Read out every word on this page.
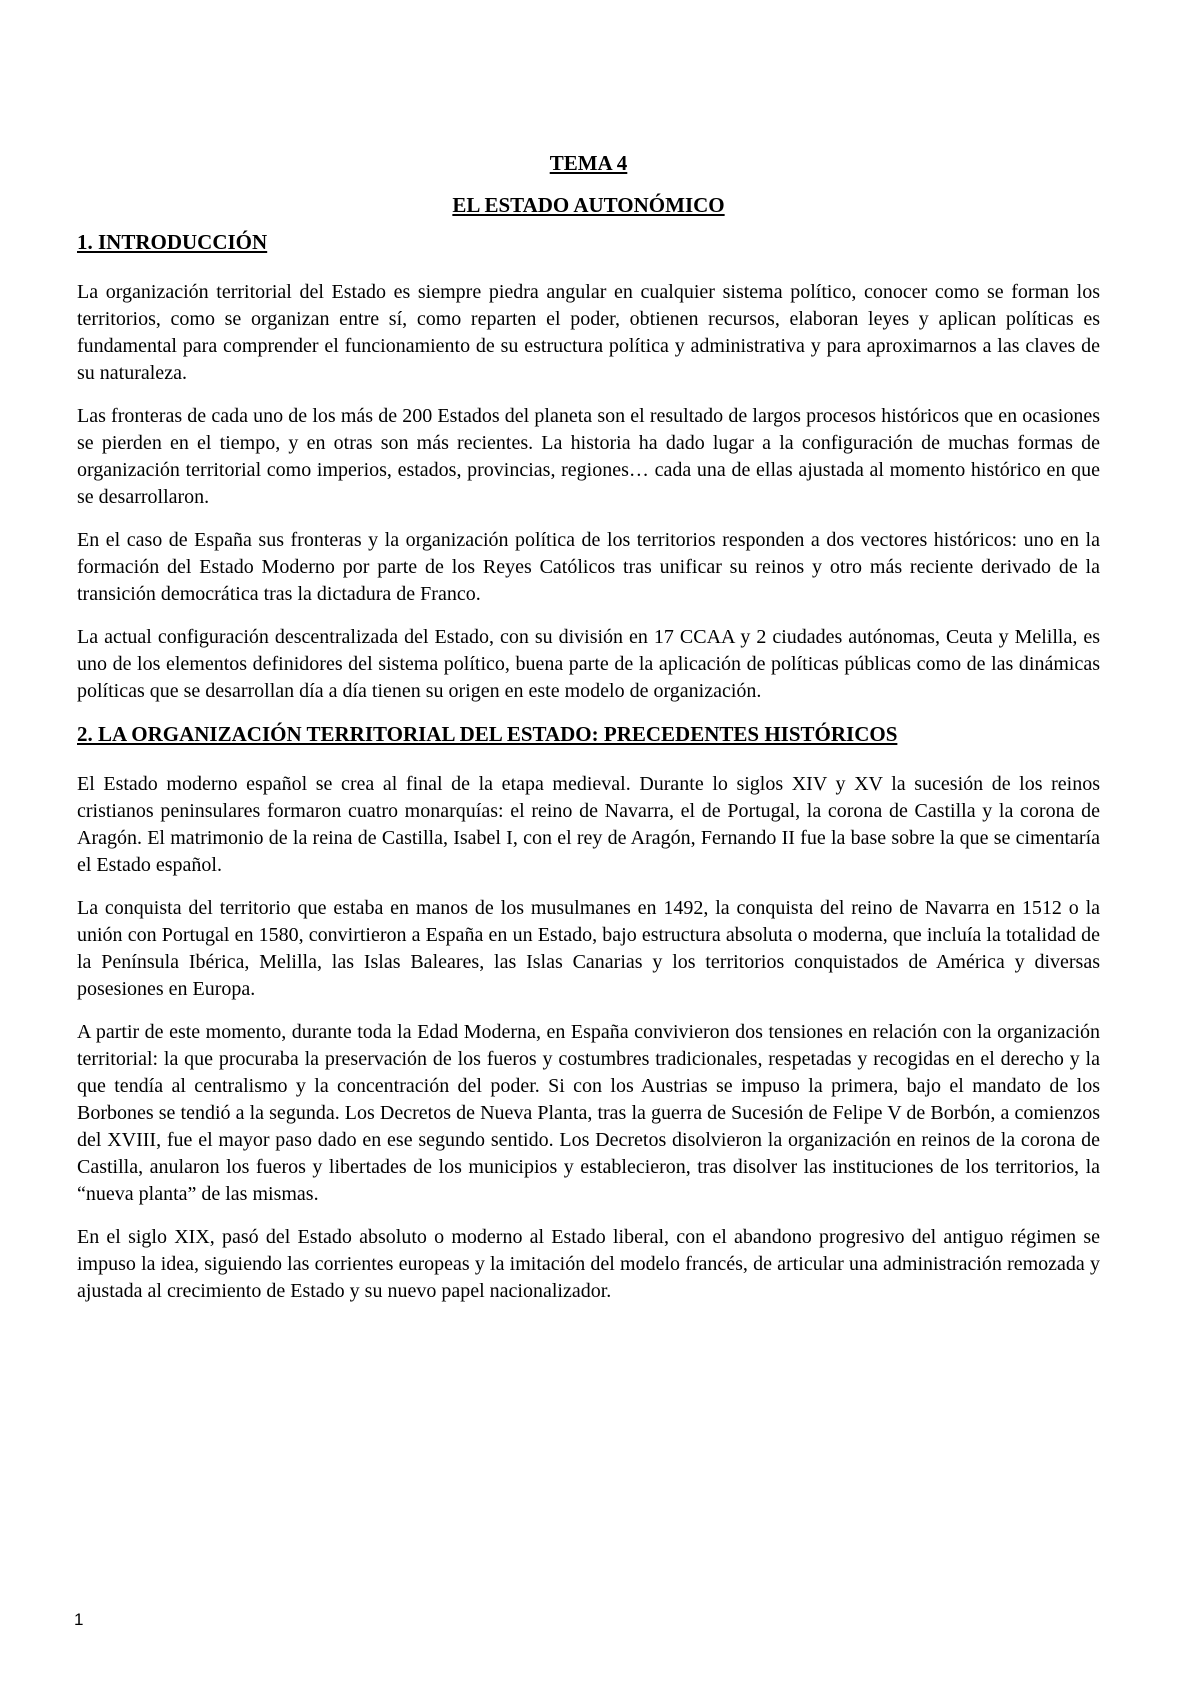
TEMA 4
EL ESTADO AUTONÓMICO
1. INTRODUCCIÓN

La organización territorial del Estado es siempre piedra angular en cualquier sistema político, conocer como se forman los territorios, como se organizan entre sí, como reparten el poder, obtienen recursos, elaboran leyes y aplican políticas es fundamental para comprender el funcionamiento de su estructura política y administrativa y para aproximarnos a las claves de su naturaleza.

Las fronteras de cada uno de los más de 200 Estados del planeta son el resultado de largos procesos históricos que en ocasiones se pierden en el tiempo, y en otras son más recientes. La historia ha dado lugar a la configuración de muchas formas de organización territorial como imperios, estados, provincias, regiones… cada una de ellas ajustada al momento histórico en que se desarrollaron.

En el caso de España sus fronteras y la organización política de los territorios responden a dos vectores históricos: uno en la formación del Estado Moderno por parte de los Reyes Católicos tras unificar su reinos y otro más reciente derivado de la transición democrática tras la dictadura de Franco.

La actual configuración descentralizada del Estado, con su división en 17 CCAA y 2 ciudades autónomas, Ceuta y Melilla, es uno de los elementos definidores del sistema político, buena parte de la aplicación de políticas públicas como de las dinámicas políticas que se desarrollan día a día tienen su origen en este modelo de organización.

2. LA ORGANIZACIÓN TERRITORIAL DEL ESTADO: PRECEDENTES HISTÓRICOS

El Estado moderno español se crea al final de la etapa medieval. Durante lo siglos XIV y XV la sucesión de los reinos cristianos peninsulares formaron cuatro monarquías: el reino de Navarra, el de Portugal, la corona de Castilla y la corona de Aragón. El matrimonio de la reina de Castilla, Isabel I, con el rey de Aragón, Fernando II fue la base sobre la que se cimentaría el Estado español.

La conquista del territorio que estaba en manos de los musulmanes en 1492, la conquista del reino de Navarra en 1512 o la unión con Portugal en 1580, convirtieron a España en un Estado, bajo estructura absoluta o moderna, que incluía la totalidad de la Península Ibérica, Melilla, las Islas Baleares, las Islas Canarias y los territorios conquistados de América y diversas posesiones en Europa.

A partir de este momento, durante toda la Edad Moderna, en España convivieron dos tensiones en relación con la organización territorial: la que procuraba la preservación de los fueros y costumbres tradicionales, respetadas y recogidas en el derecho y la que tendía al centralismo y la concentración del poder. Si con los Austrias se impuso la primera, bajo el mandato de los Borbones se tendió a la segunda. Los Decretos de Nueva Planta, tras la guerra de Sucesión de Felipe V de Borbón, a comienzos del XVIII, fue el mayor paso dado en ese segundo sentido. Los Decretos disolvieron la organización en reinos de la corona de Castilla, anularon los fueros y libertades de los municipios y establecieron, tras disolver las instituciones de los territorios, la “nueva planta” de las mismas.

En el siglo XIX, pasó del Estado absoluto o moderno al Estado liberal, con el abandono progresivo del antiguo régimen se impuso la idea, siguiendo las corrientes europeas y la imitación del modelo francés, de articular una administración remozada y ajustada al crecimiento de Estado y su nuevo papel nacionalizador.

1
